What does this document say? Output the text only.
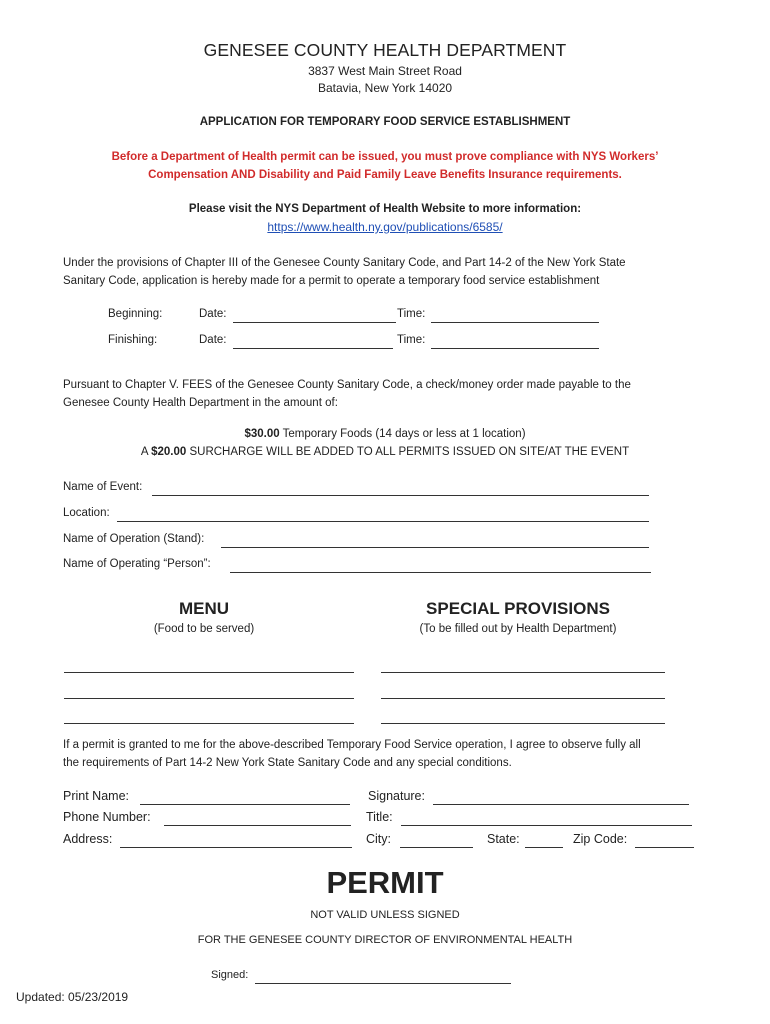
GENESEE COUNTY HEALTH DEPARTMENT
3837 West Main Street Road
Batavia, New York 14020
APPLICATION FOR TEMPORARY FOOD SERVICE ESTABLISHMENT
Before a Department of Health permit can be issued, you must prove compliance with NYS Workers’
Compensation AND Disability and Paid Family Leave Benefits Insurance requirements.
Please visit the NYS Department of Health Website to more information:
https://www.health.ny.gov/publications/6585/
Under the provisions of Chapter III of the Genesee County Sanitary Code, and Part 14-2 of the New York State
Sanitary Code, application is hereby made for a permit to operate a temporary food service establishment
Beginning:	Date:	Time:
Finishing:	Date:	Time:
Pursuant to Chapter V. FEES of the Genesee County Sanitary Code, a check/money order made payable to the
Genesee County Health Department in the amount of:
$30.00 Temporary Foods (14 days or less at 1 location)
A $20.00 SURCHARGE WILL BE ADDED TO ALL PERMITS ISSUED ON SITE/AT THE EVENT
Name of Event:
Location:
Name of Operation (Stand):
Name of Operating “Person”:
MENU
(Food to be served)
SPECIAL PROVISIONS
(To be filled out by Health Department)
If a permit is granted to me for the above-described Temporary Food Service operation, I agree to observe fully all
the requirements of Part 14-2 New York State Sanitary Code and any special conditions.
Print Name:	Signature:
Phone Number:	Title:
Address:	City:	State:	Zip Code:
PERMIT
NOT VALID UNLESS SIGNED
FOR THE GENESEE COUNTY DIRECTOR OF ENVIRONMENTAL HEALTH
Signed:
Updated: 05/23/2019
